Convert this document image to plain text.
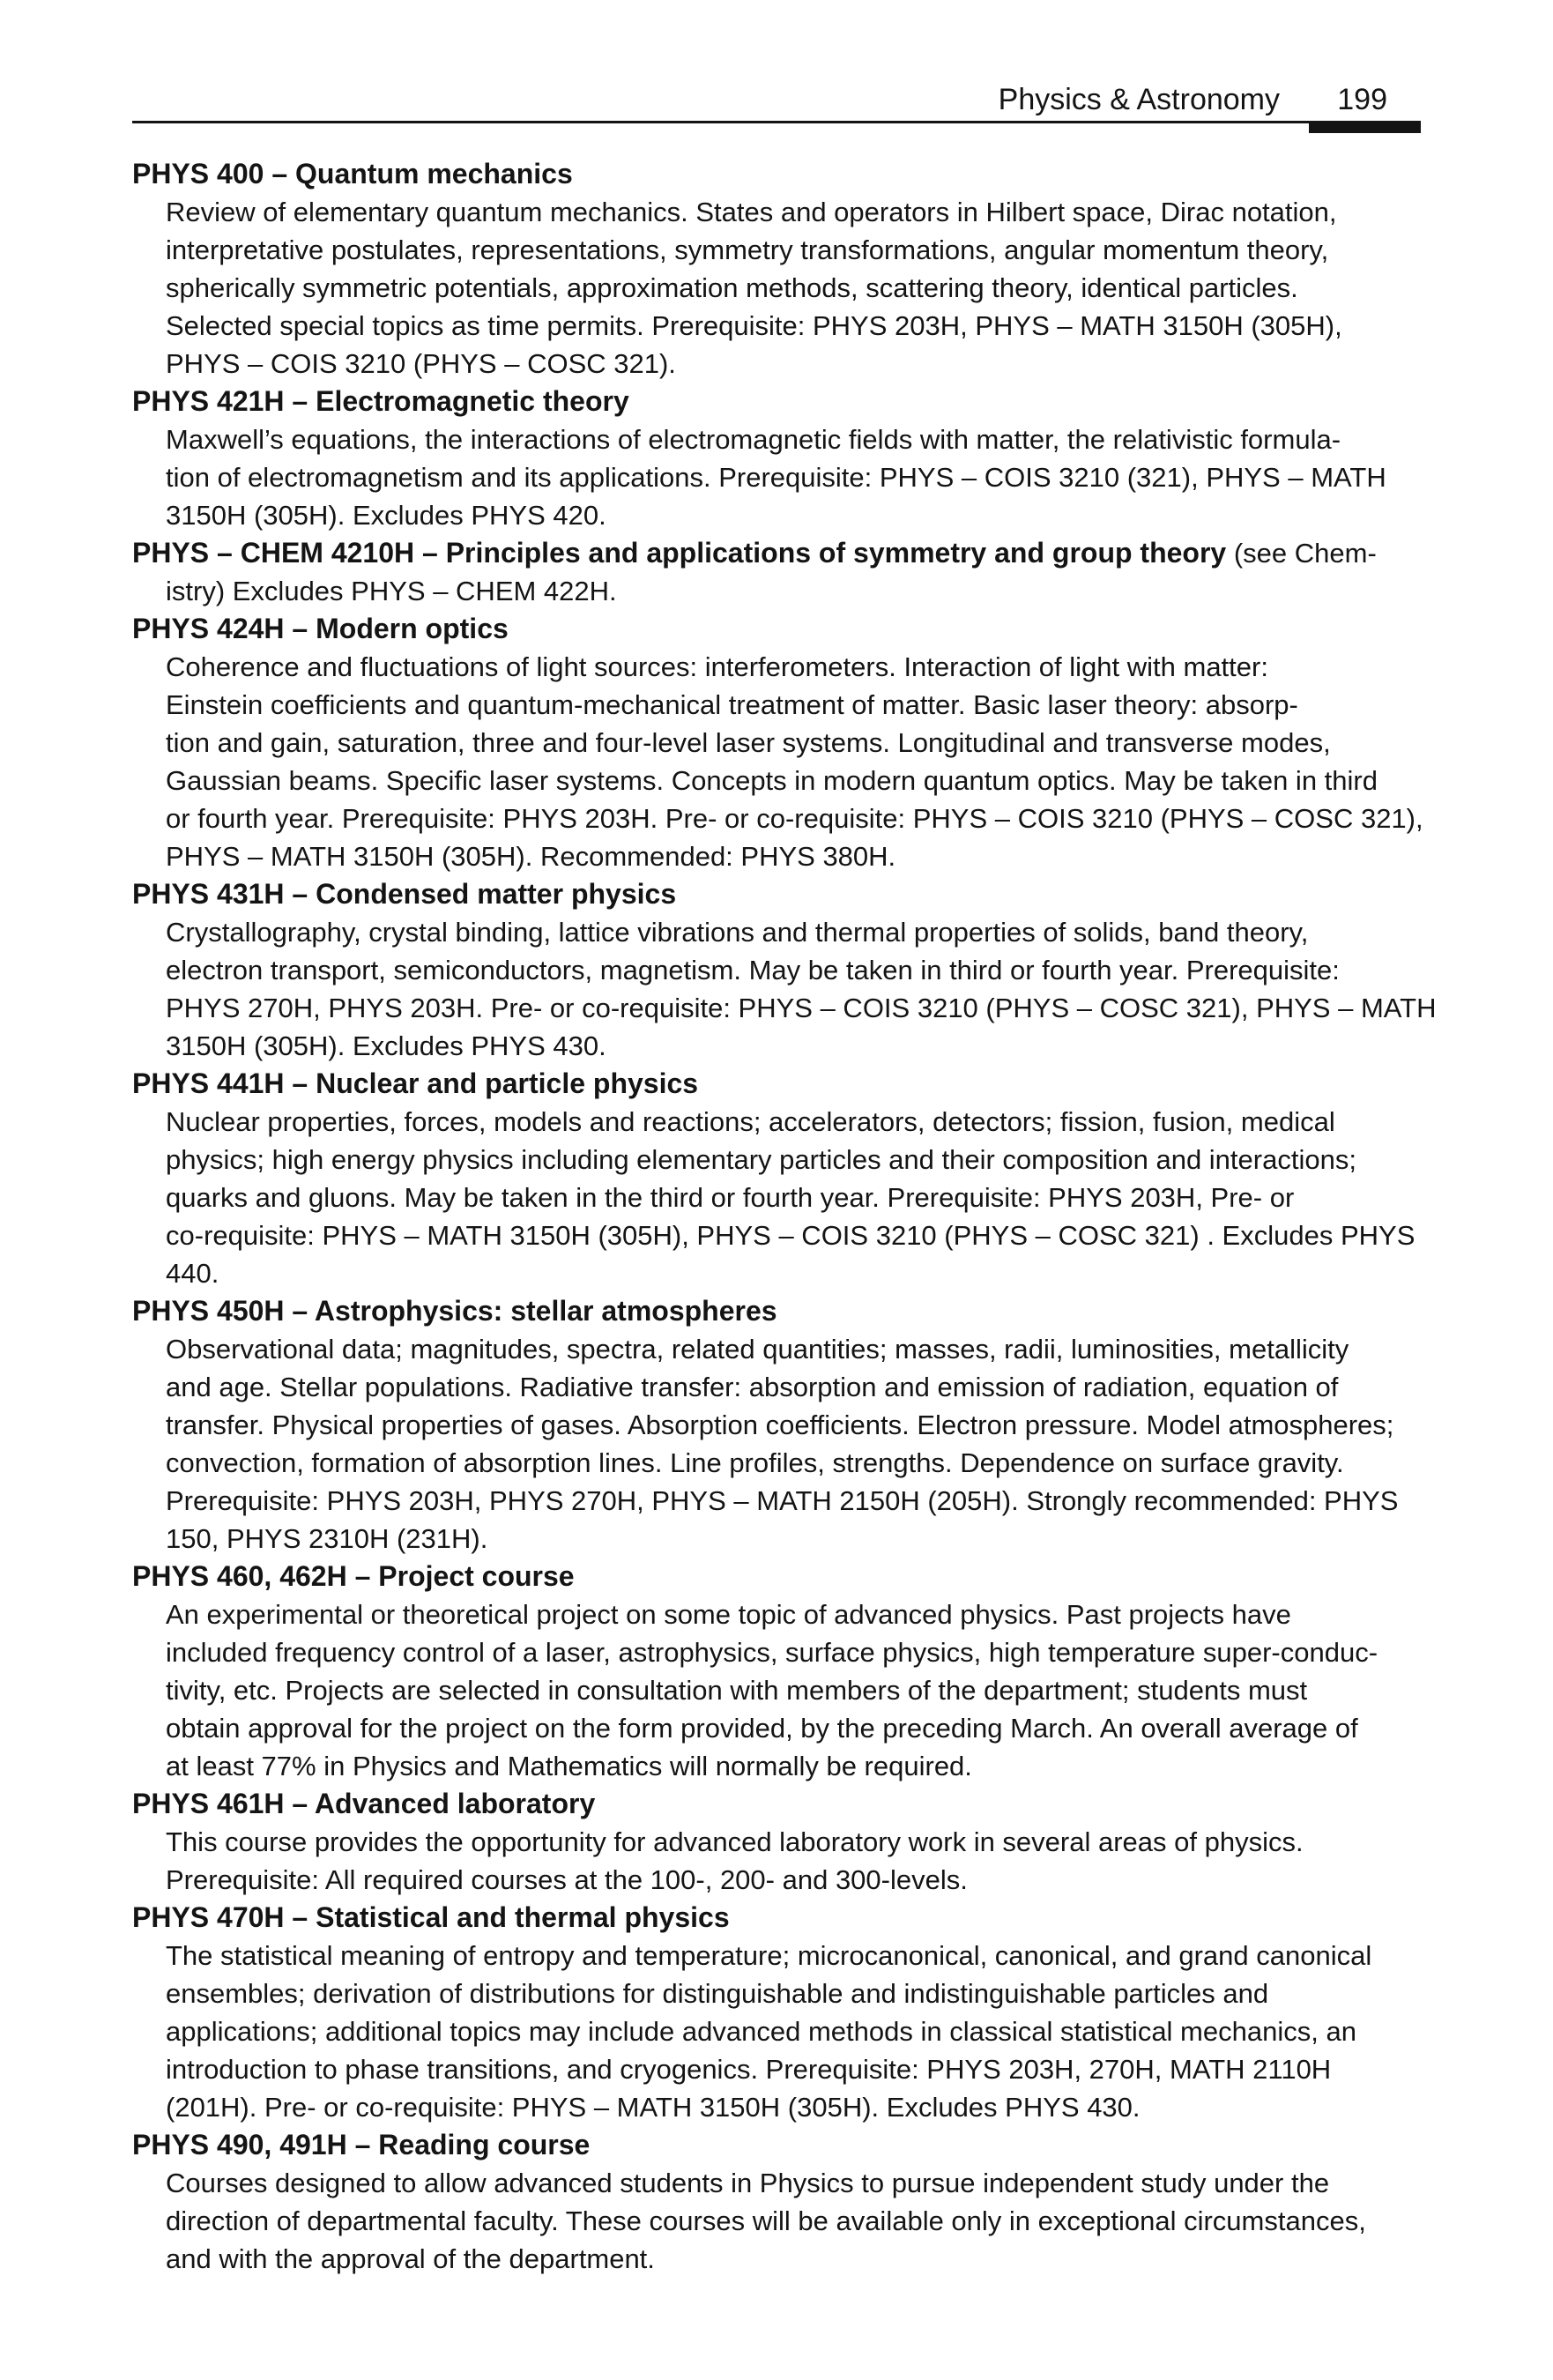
Physics & Astronomy 199
PHYS 400 – Quantum mechanics
Review of elementary quantum mechanics. States and operators in Hilbert space, Dirac notation,
interpretative postulates, representations, symmetry transformations, angular momentum theory,
spherically symmetric potentials, approximation methods, scattering theory, identical particles.
Selected special topics as time permits. Prerequisite: PHYS 203H, PHYS – MATH 3150H (305H),
PHYS – COIS 3210 (PHYS – COSC 321).
PHYS 421H – Electromagnetic theory
Maxwell’s equations, the interactions of electromagnetic fields with matter, the relativistic formula-
tion of electromagnetism and its applications. Prerequisite: PHYS – COIS 3210 (321), PHYS – MATH
3150H (305H). Excludes PHYS 420.
PHYS – CHEM 4210H – Principles and applications of symmetry and group theory (see Chem-
istry) Excludes PHYS – CHEM 422H.
PHYS 424H – Modern optics
Coherence and fluctuations of light sources: interferometers. Interaction of light with matter:
Einstein coefficients and quantum-mechanical treatment of matter. Basic laser theory: absorp-
tion and gain, saturation, three and four-level laser systems. Longitudinal and transverse modes,
Gaussian beams. Specific laser systems. Concepts in modern quantum optics. May be taken in third
or fourth year. Prerequisite: PHYS 203H. Pre- or co-requisite: PHYS – COIS 3210 (PHYS – COSC 321),
PHYS – MATH 3150H (305H). Recommended: PHYS 380H.
PHYS 431H – Condensed matter physics
Crystallography, crystal binding, lattice vibrations and thermal properties of solids, band theory,
electron transport, semiconductors, magnetism. May be taken in third or fourth year. Prerequisite:
PHYS 270H, PHYS 203H. Pre- or co-requisite: PHYS – COIS 3210 (PHYS – COSC 321), PHYS – MATH
3150H (305H). Excludes PHYS 430.
PHYS 441H – Nuclear and particle physics
Nuclear properties, forces, models and reactions; accelerators, detectors; fission, fusion, medical
physics; high energy physics including elementary particles and their composition and interactions;
quarks and gluons. May be taken in the third or fourth year. Prerequisite: PHYS 203H, Pre- or
co-requisite: PHYS – MATH 3150H (305H), PHYS – COIS 3210 (PHYS – COSC 321) . Excludes PHYS
440.
PHYS 450H – Astrophysics: stellar atmospheres
Observational data; magnitudes, spectra, related quantities; masses, radii, luminosities, metallicity
and age. Stellar populations. Radiative transfer: absorption and emission of radiation, equation of
transfer. Physical properties of gases. Absorption coefficients. Electron pressure. Model atmospheres;
convection, formation of absorption lines. Line profiles, strengths. Dependence on surface gravity.
Prerequisite: PHYS 203H, PHYS 270H, PHYS – MATH 2150H (205H). Strongly recommended: PHYS
150, PHYS 2310H (231H).
PHYS 460, 462H – Project course
An experimental or theoretical project on some topic of advanced physics. Past projects have
included frequency control of a laser, astrophysics, surface physics, high temperature super-conduc-
tivity, etc. Projects are selected in consultation with members of the department; students must
obtain approval for the project on the form provided, by the preceding March. An overall average of
at least 77% in Physics and Mathematics will normally be required.
PHYS 461H – Advanced laboratory
This course provides the opportunity for advanced laboratory work in several areas of physics.
Prerequisite: All required courses at the 100-, 200- and 300-levels.
PHYS 470H – Statistical and thermal physics
The statistical meaning of entropy and temperature; microcanonical, canonical, and grand canonical
ensembles; derivation of distributions for distinguishable and indistinguishable particles and
applications; additional topics may include advanced methods in classical statistical mechanics, an
introduction to phase transitions, and cryogenics. Prerequisite: PHYS 203H, 270H, MATH 2110H
(201H). Pre- or co-requisite: PHYS – MATH 3150H (305H). Excludes PHYS 430.
PHYS 490, 491H – Reading course
Courses designed to allow advanced students in Physics to pursue independent study under the
direction of departmental faculty. These courses will be available only in exceptional circumstances,
and with the approval of the department.
